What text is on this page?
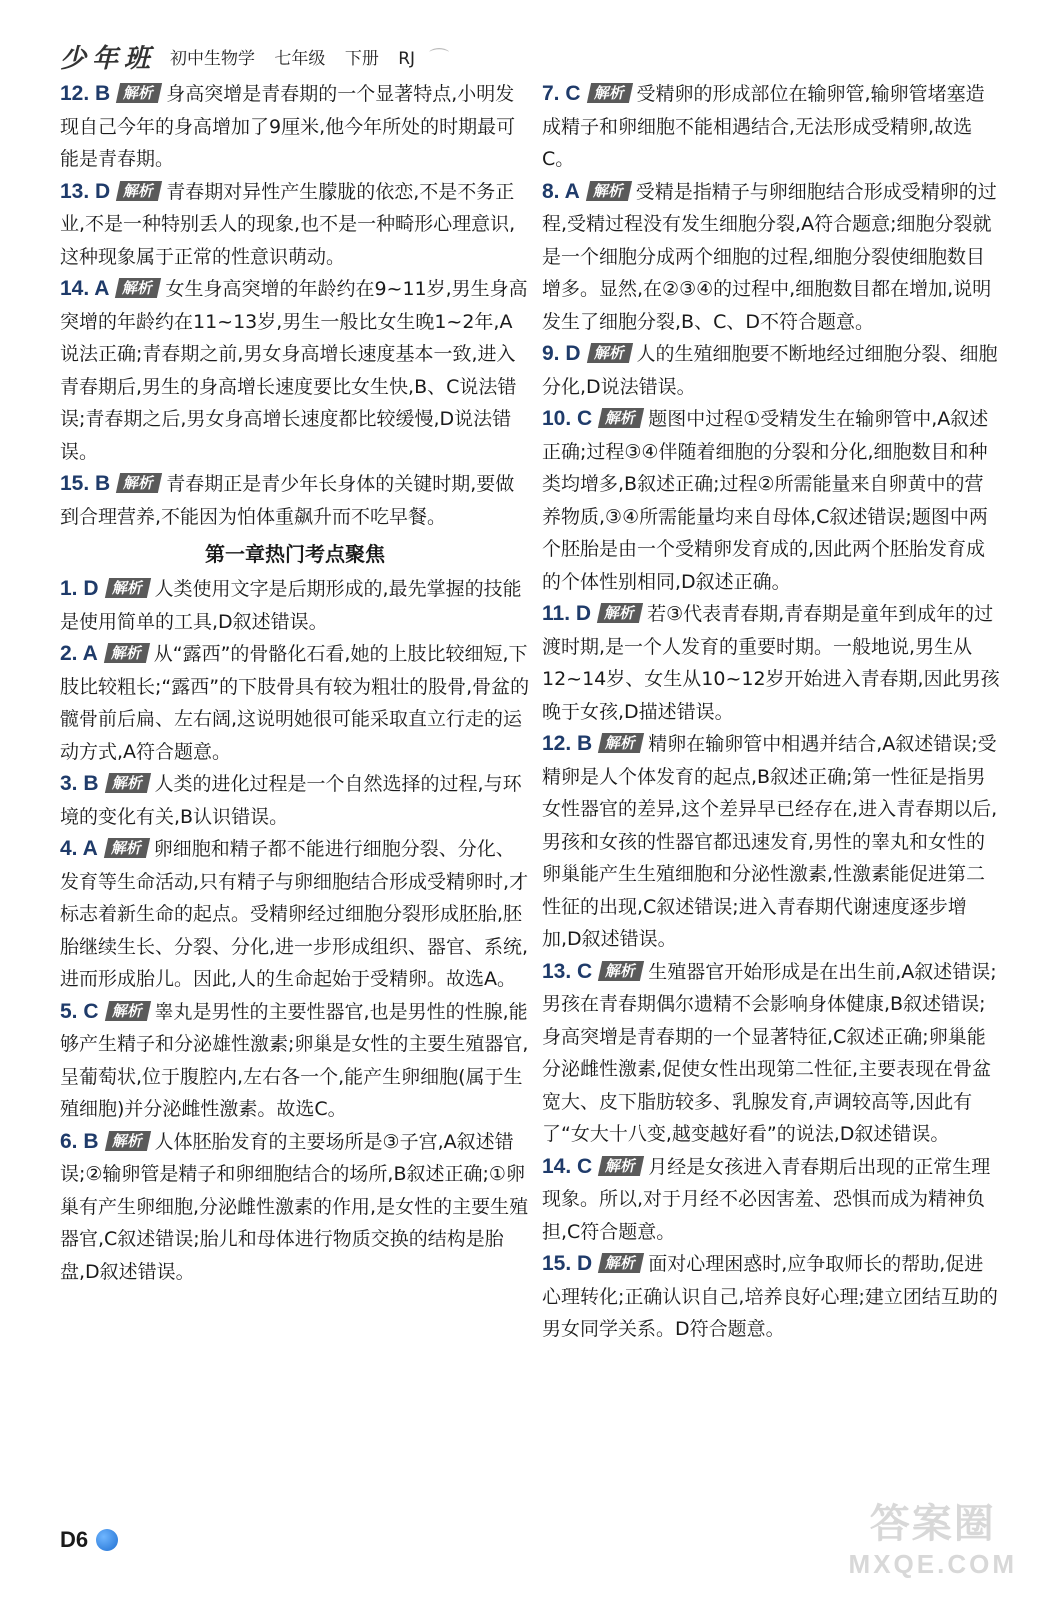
少年班 初中生物学 七年级 下册 RJ ⌒

12. B 解析 身高突增是青春期的一个显著特点,小明发现自己今年的身高增加了9厘米,他今年所处的时期最可能是青春期。

13. D 解析 青春期对异性产生朦胧的依恋,不是不务正业,不是一种特别丢人的现象,也不是一种畸形心理意识,这种现象属于正常的性意识萌动。

14. A 解析 女生身高突增的年龄约在9~11岁,男生身高突增的年龄约在11~13岁,男生一般比女生晚1~2年,A说法正确;青春期之前,男女身高增长速度基本一致,进入青春期后,男生的身高增长速度要比女生快,B、C说法错误;青春期之后,男女身高增长速度都比较缓慢,D说法错误。

15. B 解析 青春期正是青少年长身体的关键时期,要做到合理营养,不能因为怕体重飙升而不吃早餐。

第一章热门考点聚焦

1. D 解析 人类使用文字是后期形成的,最先掌握的技能是使用简单的工具,D叙述错误。

2. A 解析 从“露西”的骨骼化石看,她的上肢比较细短,下肢比较粗长;“露西”的下肢骨具有较为粗壮的股骨,骨盆的髋骨前后扁、左右阔,这说明她很可能采取直立行走的运动方式,A符合题意。

3. B 解析 人类的进化过程是一个自然选择的过程,与环境的变化有关,B认识错误。

4. A 解析 卵细胞和精子都不能进行细胞分裂、分化、发育等生命活动,只有精子与卵细胞结合形成受精卵时,才标志着新生命的起点。受精卵经过细胞分裂形成胚胎,胚胎继续生长、分裂、分化,进一步形成组织、器官、系统,进而形成胎儿。因此,人的生命起始于受精卵。故选A。

5. C 解析 睾丸是男性的主要性器官,也是男性的性腺,能够产生精子和分泌雄性激素;卵巢是女性的主要生殖器官,呈葡萄状,位于腹腔内,左右各一个,能产生卵细胞(属于生殖细胞)并分泌雌性激素。故选C。

6. B 解析 人体胚胎发育的主要场所是③子宫,A叙述错误;②输卵管是精子和卵细胞结合的场所,B叙述正确;①卵巢有产生卵细胞,分泌雌性激素的作用,是女性的主要生殖器官,C叙述错误;胎儿和母体进行物质交换的结构是胎盘,D叙述错误。

7. C 解析 受精卵的形成部位在输卵管,输卵管堵塞造成精子和卵细胞不能相遇结合,无法形成受精卵,故选C。

8. A 解析 受精是指精子与卵细胞结合形成受精卵的过程,受精过程没有发生细胞分裂,A符合题意;细胞分裂就是一个细胞分成两个细胞的过程,细胞分裂使细胞数目增多。显然,在②③④的过程中,细胞数目都在增加,说明发生了细胞分裂,B、C、D不符合题意。

9. D 解析 人的生殖细胞要不断地经过细胞分裂、细胞分化,D说法错误。

10. C 解析 题图中过程①受精发生在输卵管中,A叙述正确;过程③④伴随着细胞的分裂和分化,细胞数目和种类均增多,B叙述正确;过程②所需能量来自卵黄中的营养物质,③④所需能量均来自母体,C叙述错误;题图中两个胚胎是由一个受精卵发育成的,因此两个胚胎发育成的个体性别相同,D叙述正确。

11. D 解析 若③代表青春期,青春期是童年到成年的过渡时期,是一个人发育的重要时期。一般地说,男生从12~14岁、女生从10~12岁开始进入青春期,因此男孩晚于女孩,D描述错误。

12. B 解析 精卵在输卵管中相遇并结合,A叙述错误;受精卵是人个体发育的起点,B叙述正确;第一性征是指男女性器官的差异,这个差异早已经存在,进入青春期以后,男孩和女孩的性器官都迅速发育,男性的睾丸和女性的卵巢能产生生殖细胞和分泌性激素,性激素能促进第二性征的出现,C叙述错误;进入青春期代谢速度逐步增加,D叙述错误。

13. C 解析 生殖器官开始形成是在出生前,A叙述错误;男孩在青春期偶尔遗精不会影响身体健康,B叙述错误;身高突增是青春期的一个显著特征,C叙述正确;卵巢能分泌雌性激素,促使女性出现第二性征,主要表现在骨盆宽大、皮下脂肪较多、乳腺发育,声调较高等,因此有了“女大十八变,越变越好看”的说法,D叙述错误。

14. C 解析 月经是女孩进入青春期后出现的正常生理现象。所以,对于月经不必因害羞、恐惧而成为精神负担,C符合题意。

15. D 解析 面对心理困惑时,应争取师长的帮助,促进心理转化;正确认识自己,培养良好心理;建立团结互助的男女同学关系。D符合题意。

D6	答案圈
MXQE.COM
